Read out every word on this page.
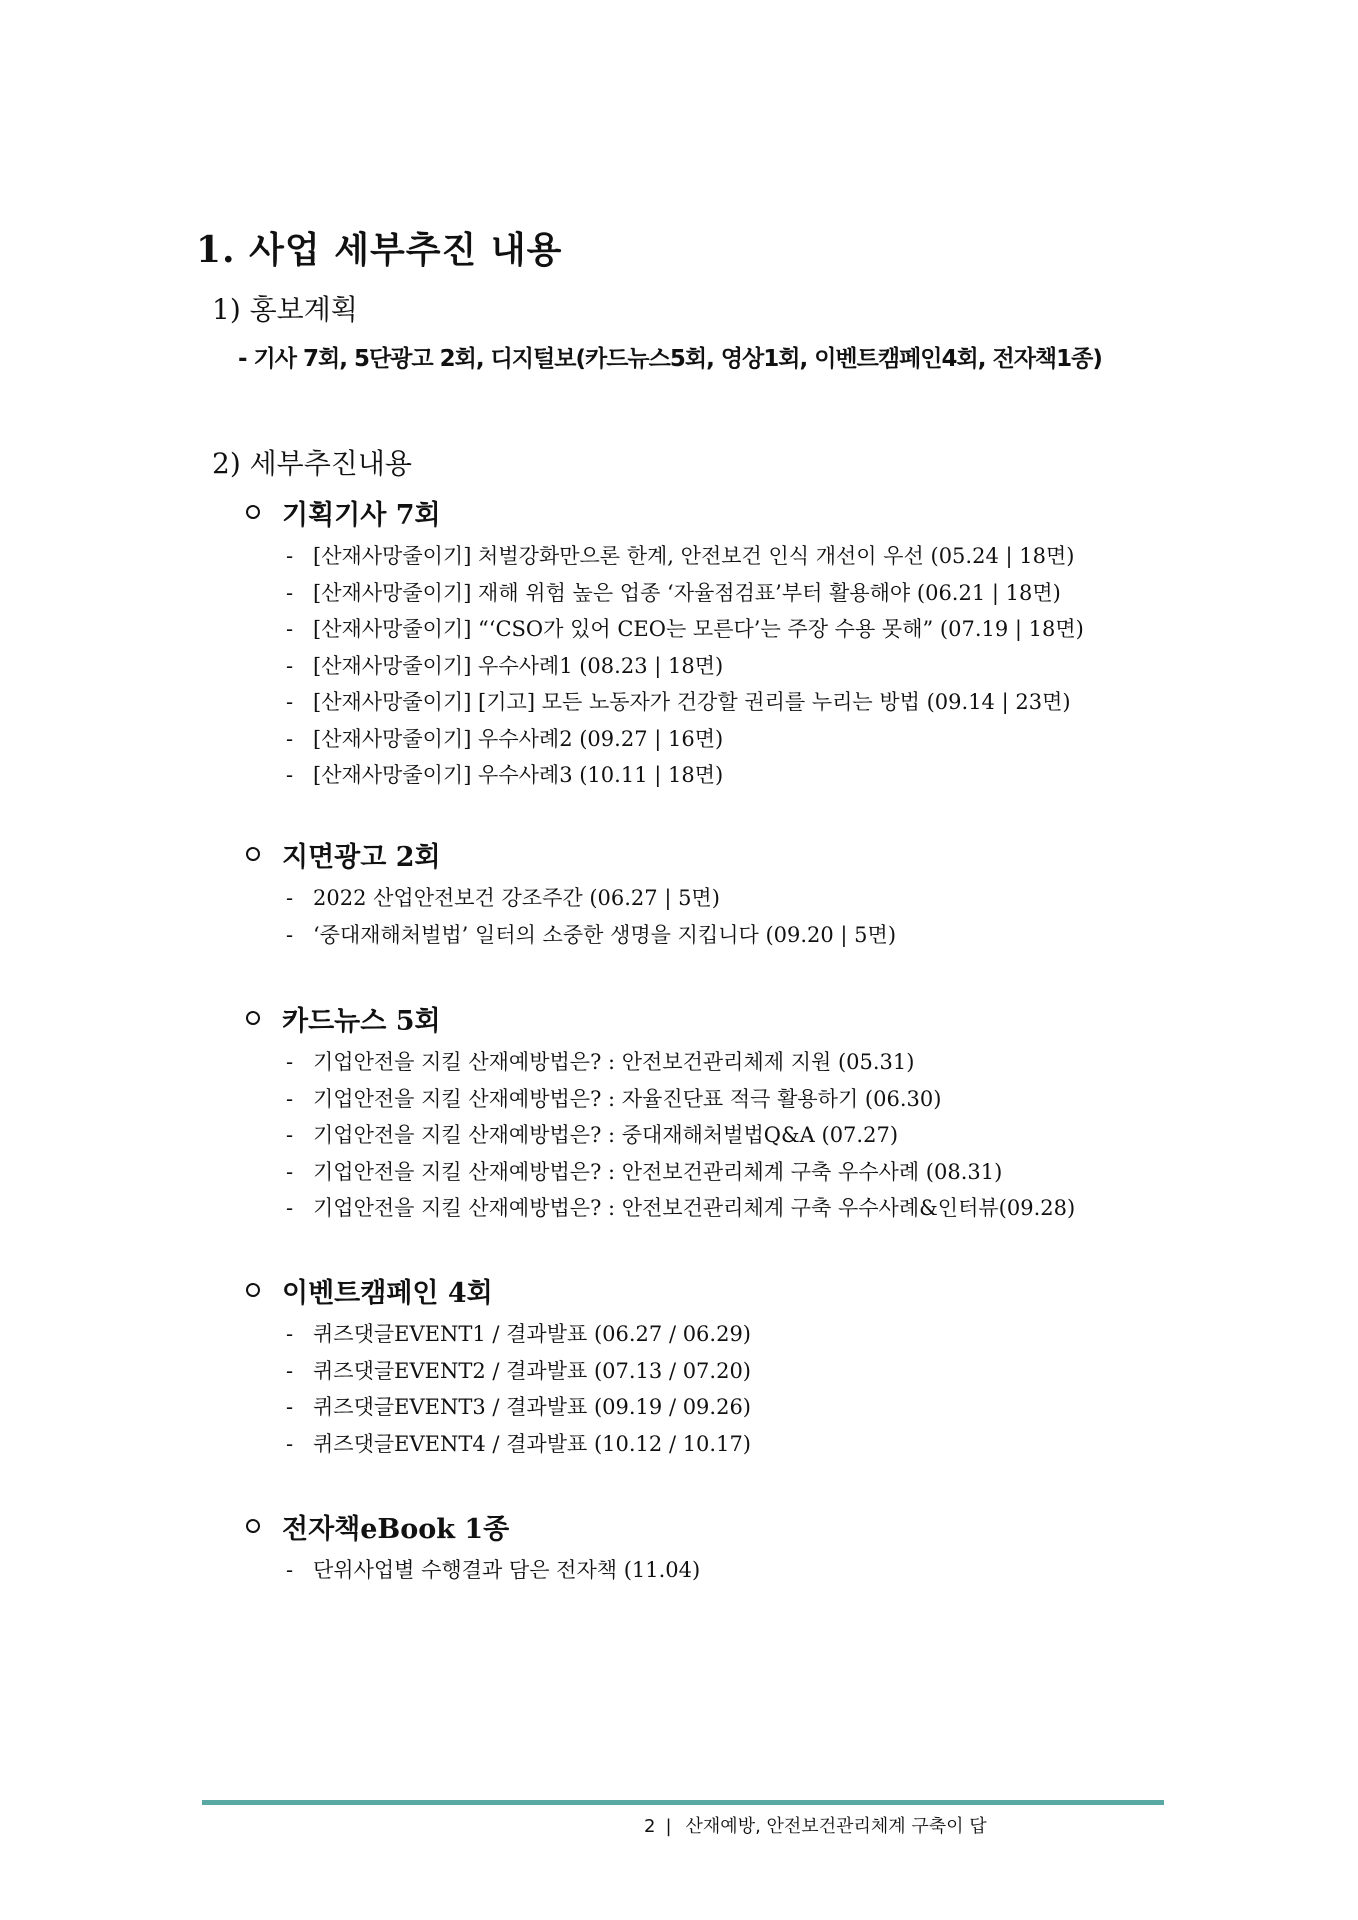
1. 사업 세부추진 내용
1) 홍보계획
- 기사 7회, 5단광고 2회, 디지털보(카드뉴스5회, 영상1회, 이벤트캠페인4회, 전자책1종)
2) 세부추진내용
기획기사 7회
- [산재사망줄이기] 처벌강화만으론 한계, 안전보건 인식 개선이 우선 (05.24 | 18면)
- [산재사망줄이기] 재해 위험 높은 업종 ‘자율점검표’부터 활용해야 (06.21 | 18면)
- [산재사망줄이기] “‘CSO가 있어 CEO는 모른다’는 주장 수용 못해” (07.19 | 18면)
- [산재사망줄이기] 우수사례1 (08.23 | 18면)
- [산재사망줄이기] [기고] 모든 노동자가 건강할 권리를 누리는 방법 (09.14 | 23면)
- [산재사망줄이기] 우수사례2 (09.27 | 16면)
- [산재사망줄이기] 우수사례3 (10.11 | 18면)
지면광고 2회
- 2022 산업안전보건 강조주간 (06.27 | 5면)
- ‘중대재해처벌법’ 일터의 소중한 생명을 지킵니다 (09.20 | 5면)
카드뉴스 5회
- 기업안전을 지킬 산재예방법은? : 안전보건관리체제 지원 (05.31)
- 기업안전을 지킬 산재예방법은? : 자율진단표 적극 활용하기 (06.30)
- 기업안전을 지킬 산재예방법은? : 중대재해처벌법Q&A (07.27)
- 기업안전을 지킬 산재예방법은? : 안전보건관리체계 구축 우수사례 (08.31)
- 기업안전을 지킬 산재예방법은? : 안전보건관리체계 구축 우수사례&인터뷰(09.28)
이벤트캠페인 4회
- 퀴즈댓글EVENT1 / 결과발표 (06.27 / 06.29)
- 퀴즈댓글EVENT2 / 결과발표 (07.13 / 07.20)
- 퀴즈댓글EVENT3 / 결과발표 (09.19 / 09.26)
- 퀴즈댓글EVENT4 / 결과발표 (10.12 / 10.17)
전자책eBook 1종
- 단위사업별 수행결과 담은 전자책 (11.04)
2 | 산재예방, 안전보건관리체계 구축이 답
